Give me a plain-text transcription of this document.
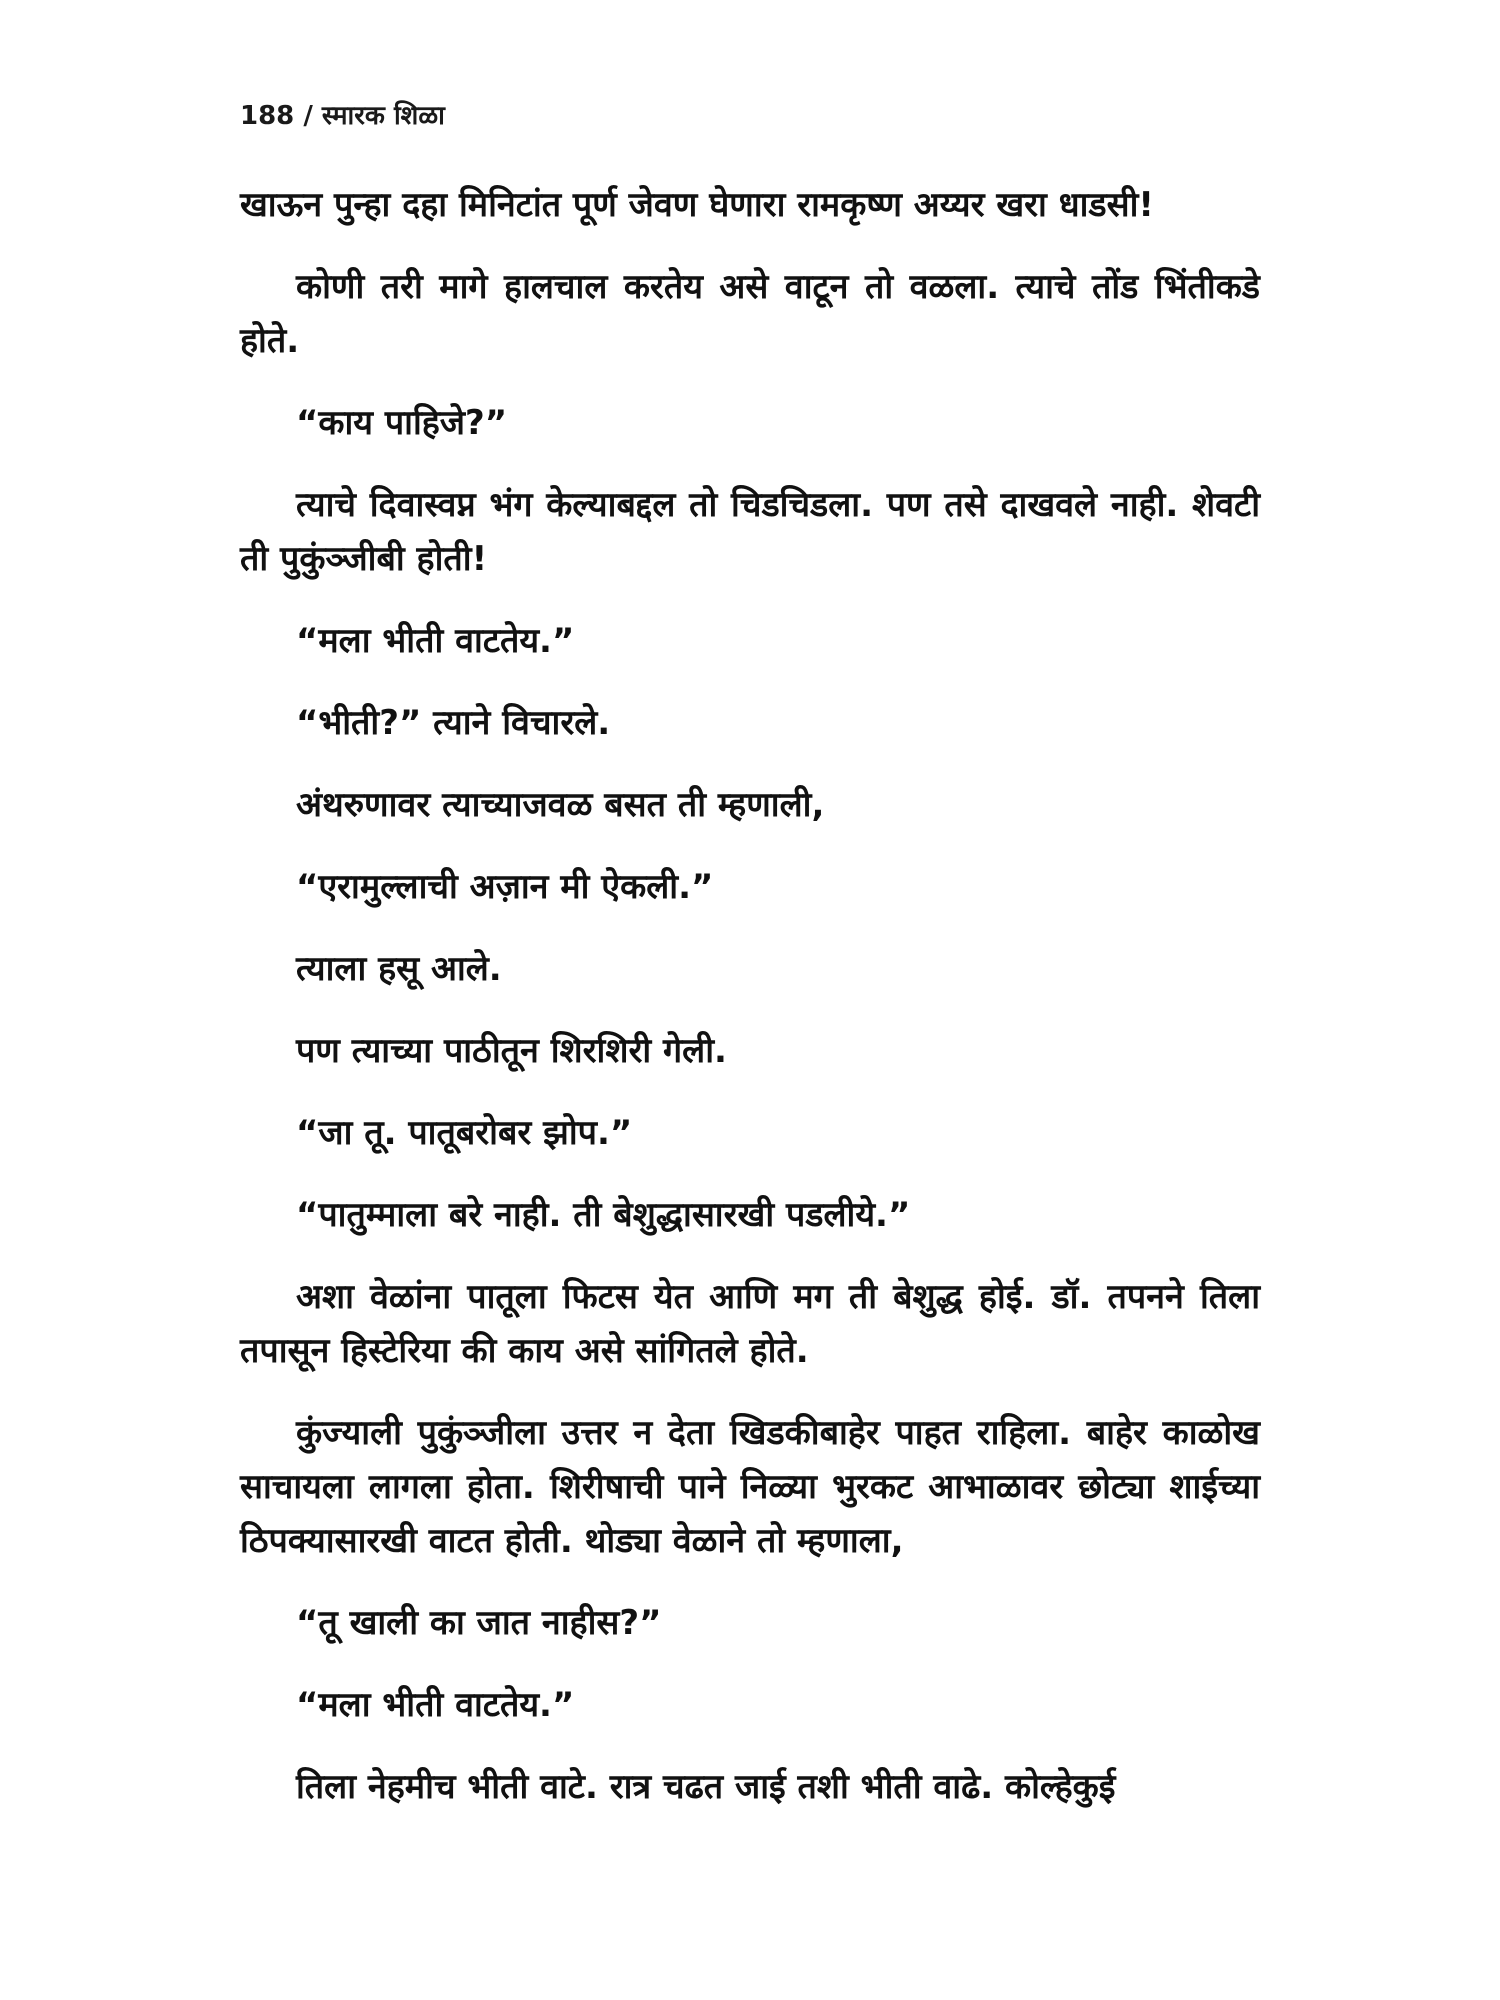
188 / स्मारक शिळा

खाऊन पुन्हा दहा मिनिटांत पूर्ण जेवण घेणारा रामकृष्ण अय्यर खरा धाडसी!

कोणी तरी मागे हालचाल करतेय असे वाटून तो वळला. त्याचे तोंड भिंतीकडे होते.

“काय पाहिजे?”

त्याचे दिवास्वप्न भंग केल्याबद्दल तो चिडचिडला. पण तसे दाखवले नाही. शेवटी ती पुकुंञ्जीबी होती!

“मला भीती वाटतेय.”

“भीती?” त्याने विचारले.

अंथरुणावर त्याच्याजवळ बसत ती म्हणाली,

“एरामुल्लाची अज़ान मी ऐकली.”

त्याला हसू आले.

पण त्याच्या पाठीतून शिरशिरी गेली.

“जा तू. पातूबरोबर झोप.”

“पातुम्माला बरे नाही. ती बेशुद्धासारखी पडलीये.”

अशा वेळांना पातूला फिटस येत आणि मग ती बेशुद्ध होई. डॉ. तपनने तिला तपासून हिस्टेरिया की काय असे सांगितले होते.

कुंज्याली पुकुंञ्जीला उत्तर न देता खिडकीबाहेर पाहत राहिला. बाहेर काळोख साचायला लागला होता. शिरीषाची पाने निळ्या भुरकट आभाळावर छोट्या शाईच्या ठिपक्यासारखी वाटत होती. थोड्या वेळाने तो म्हणाला,

“तू खाली का जात नाहीस?”

“मला भीती वाटतेय.”

तिला नेहमीच भीती वाटे. रात्र चढत जाई तशी भीती वाढे. कोल्हेकुई
